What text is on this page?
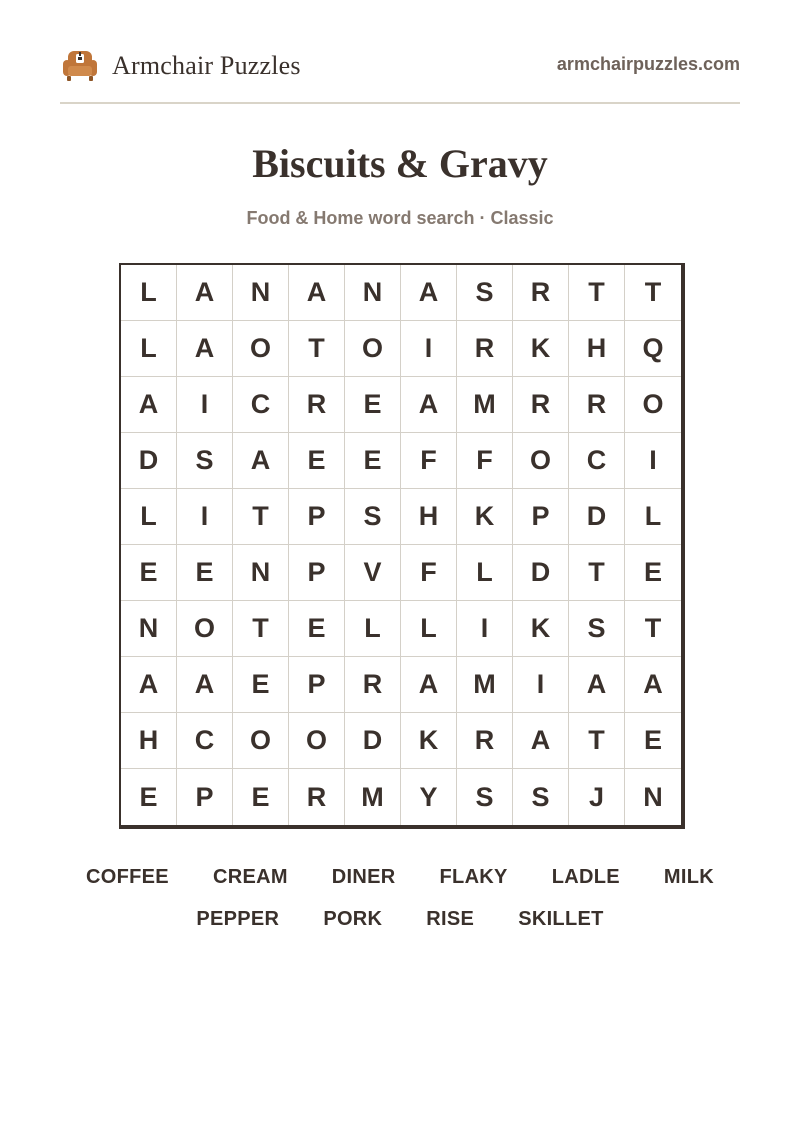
Armchair Puzzles	armchairpuzzles.com
Biscuits & Gravy
Food & Home word search · Classic
L	A	N	A	N	A	S	R	T	T
L	A	O	T	O	I	R	K	H	Q
A	I	C	R	E	A	M	R	R	O
D	S	A	E	E	F	F	O	C	I
L	I	T	P	S	H	K	P	D	L
E	E	N	P	V	F	L	D	T	E
N	O	T	E	L	L	I	K	S	T
A	A	E	P	R	A	M	I	A	A
H	C	O	O	D	K	R	A	T	E
E	P	E	R	M	Y	S	S	J	N
COFFEE CREAM DINER FLAKY LADLE MILK
PEPPER PORK RISE SKILLET
